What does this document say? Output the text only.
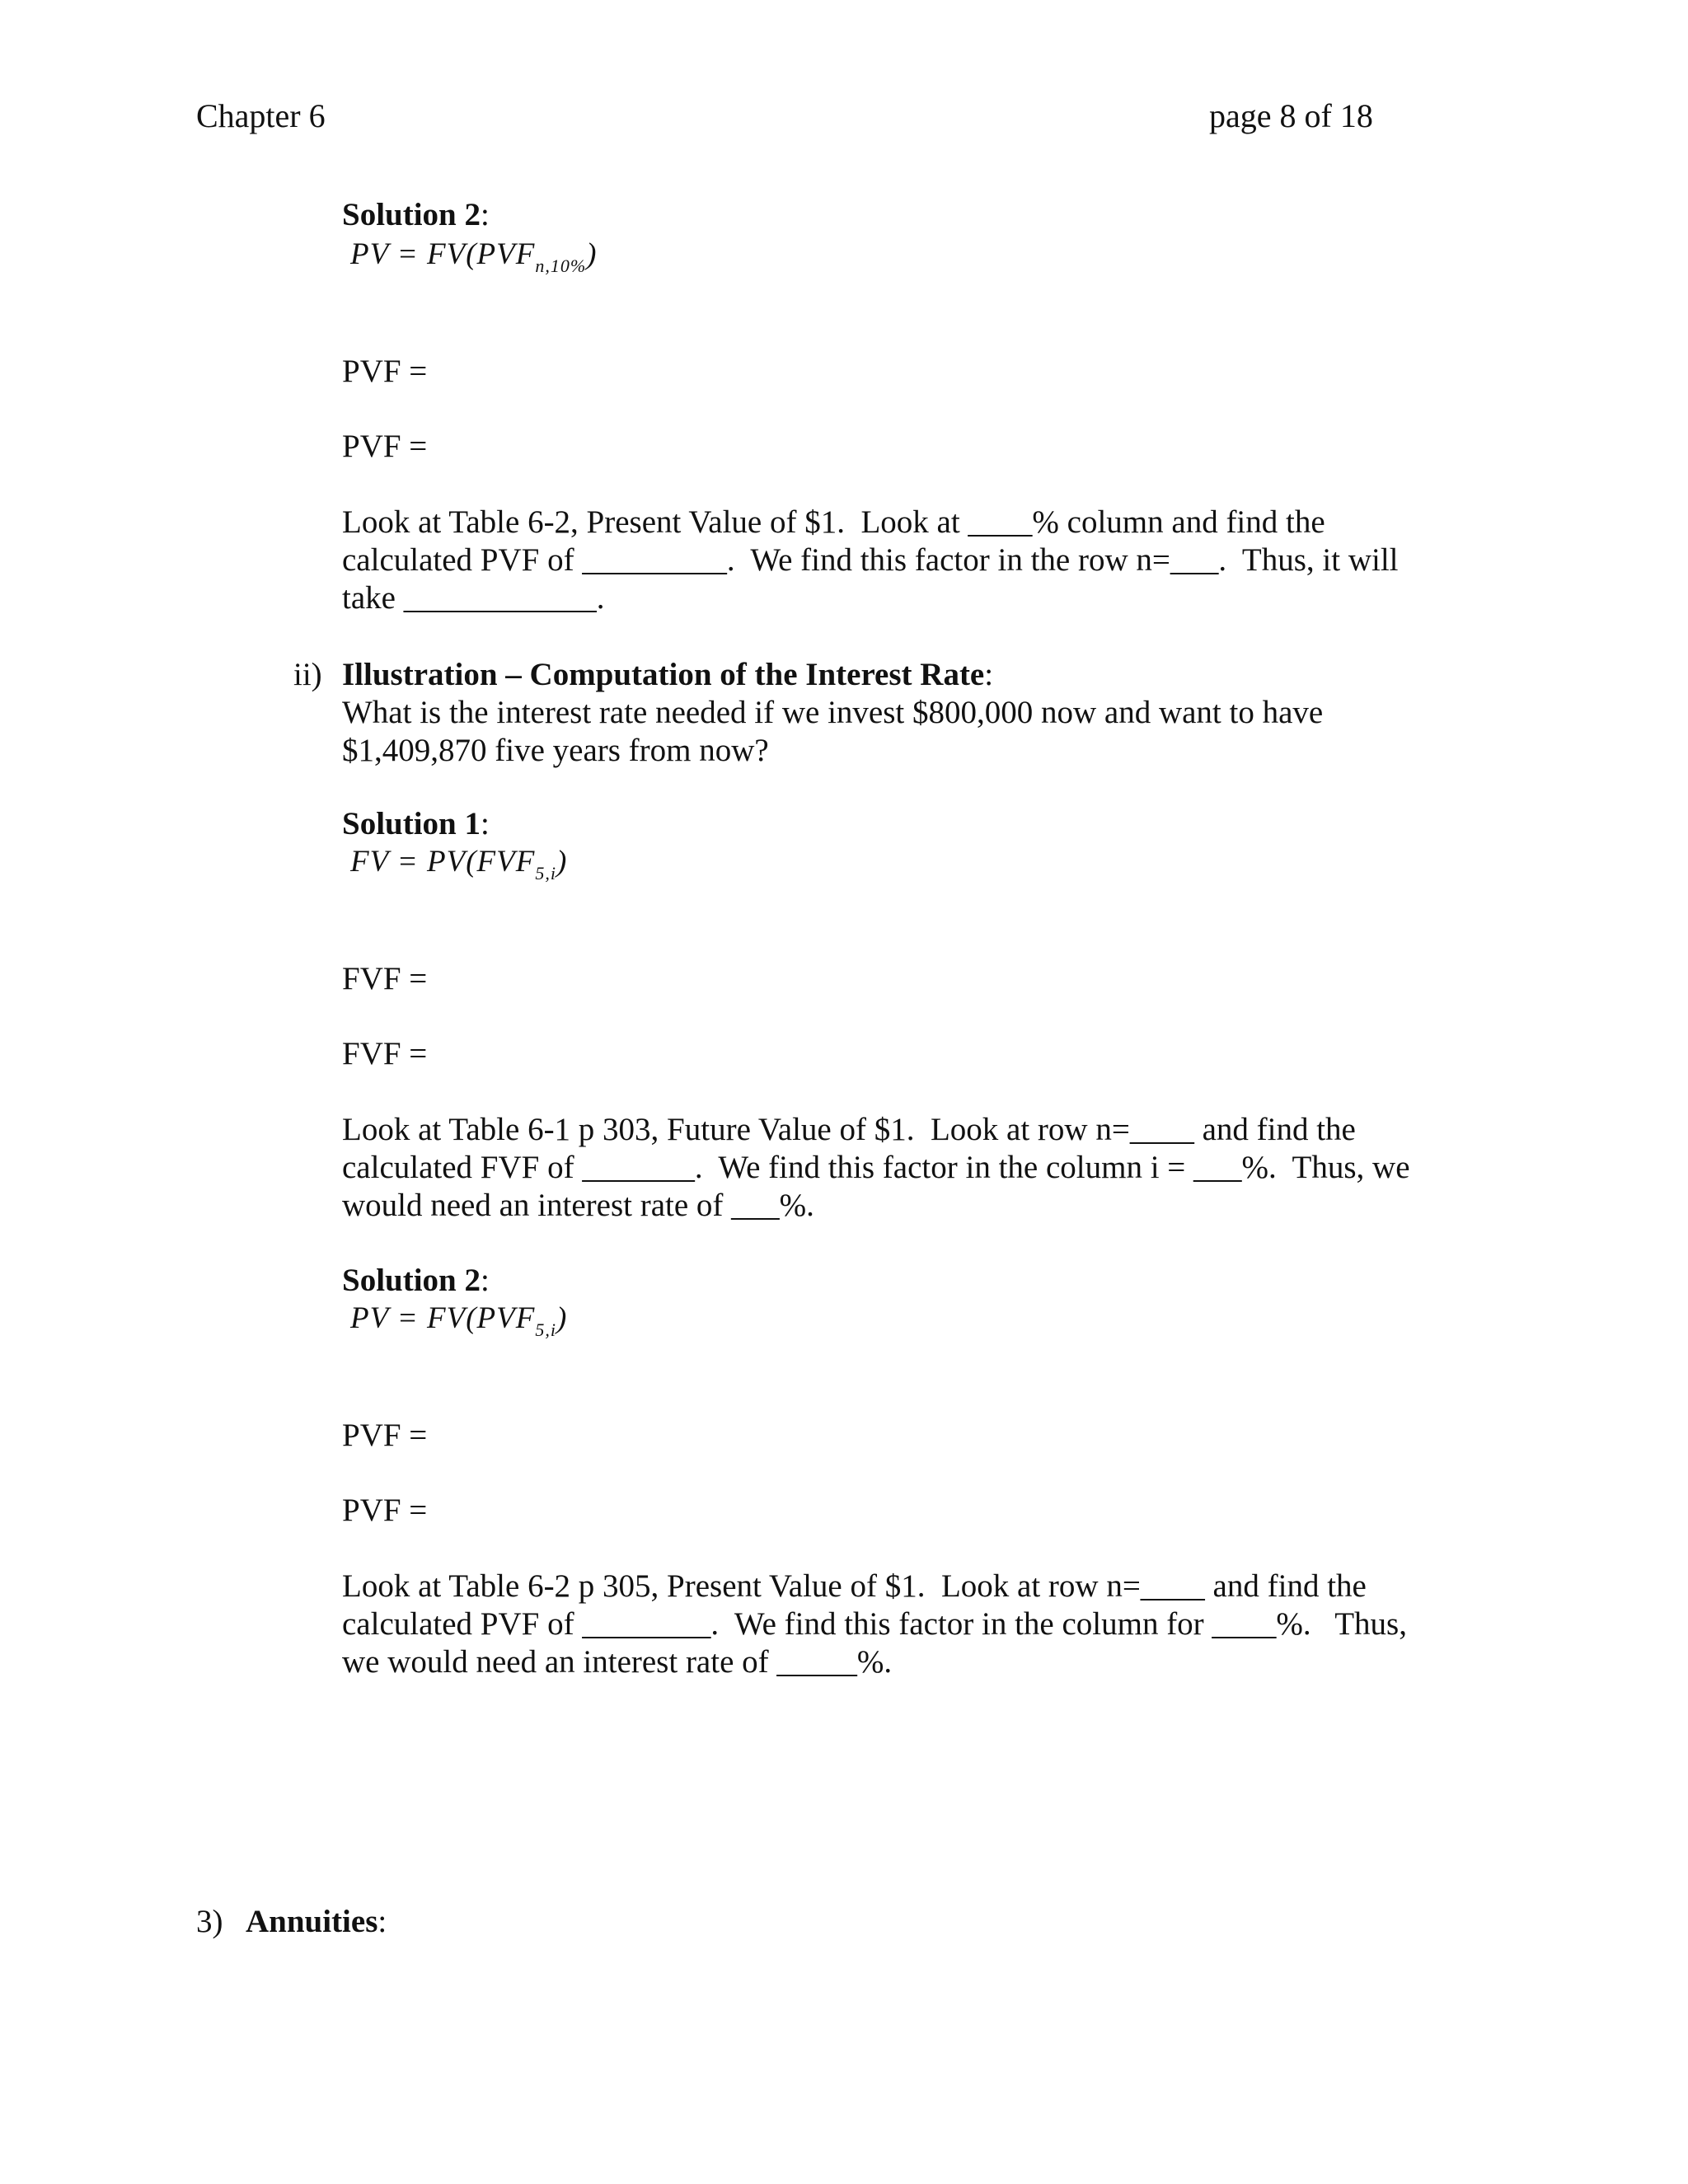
Chapter 6	page 8 of 18
Solution 2:
PV = $FV(PVF_{n,10\%})$
PVF =
PVF =
Look at Table 6-2, Present Value of $1.  Look at ____% column and find the
calculated PVF of _________.  We find this factor in the row n=___.  Thus, it will
take ____________.
ii) Illustration – Computation of the Interest Rate:
What is the interest rate needed if we invest $800,000 now and want to have
$1,409,870 five years from now?
Solution 1:
FV = $PV(FVF_{5,i})$
FVF =
FVF =
Look at Table 6-1 p 303, Future Value of $1.  Look at row n=____ and find the
calculated FVF of _______.  We find this factor in the column i = ___%.  Thus, we
would need an interest rate of ___%.
Solution 2:
PV = $FV(PVF_{5,i})$
PVF =
PVF =
Look at Table 6-2 p 305, Present Value of $1.  Look at row n=____ and find the
calculated PVF of ________.  We find this factor in the column for ____%.   Thus,
we would need an interest rate of _____%.
3) Annuities:
